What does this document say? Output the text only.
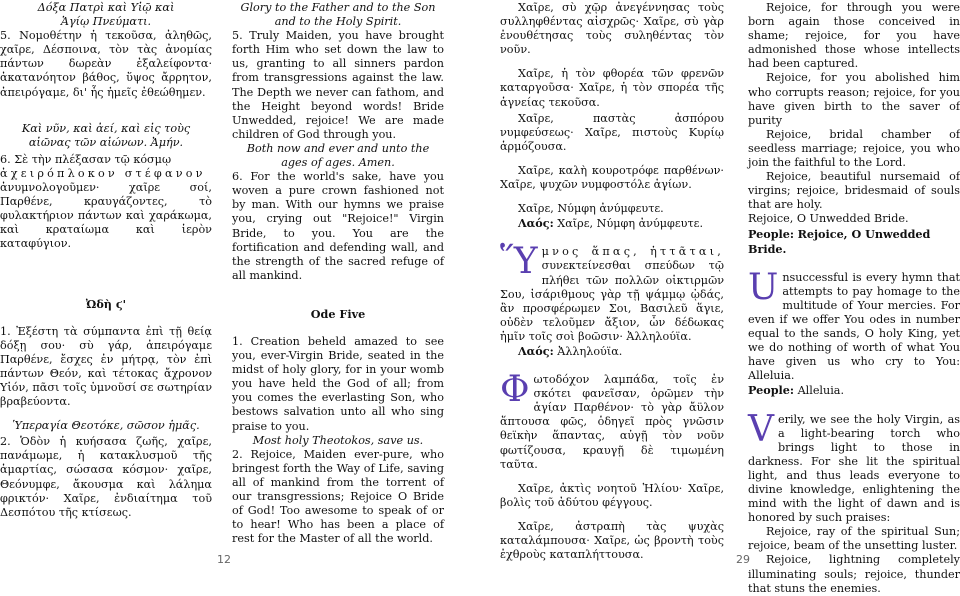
Δόξα Πατρὶ καὶ Υἱῷ καὶ

Ἁγίῳ Πνεύματι.

5. Νομοθέτην ἡ τεκοῦσα, ἀληθῶς, χαῖρε, Δέσποινα, τὸν τὰς ἀνομίας πάντων δωρεὰν ἐξαλείφοντα· ἀκατανόητον βάθος, ὕψος ἄρρητον, ἀπειρόγαμε, δι' ἧς ἡμεῖς ἐθεώθημεν.

Καὶ νῦν, καὶ ἀεί, καὶ εἰς τοὺς

αἰῶνας τῶν αἰώνων. Ἀμήν.

6. Σὲ τὴν πλέξασαν τῷ κόσμῳ
ἀχειρόπλοκον στέφανον
ἀνυμνολογοῦμεν· χαῖρε σοί, Παρθένε, κραυγάζοντες, τὸ φυλακτήριον πάντων καὶ χαράκωμα, καὶ κραταίωμα καὶ ἱερὸν καταφύγιον.

Ὠδὴ ϛ'

1. Ἐξέστη τὰ σύμπαντα ἐπὶ τῇ θείᾳ δόξῃ σου· σὺ γάρ, ἀπειρόγαμε Παρθένε, ἔσχες ἐν μήτρᾳ, τὸν ἐπὶ πάντων Θεόν, καὶ τέτοκας ἄχρονον Υἱόν, πᾶσι τοῖς ὑμνοῦσί σε σωτηρίαν βραβεύοντα.

Ὑπεραγία Θεοτόκε, σῶσον ἡμᾶς.

2. Ὁδὸν ἡ κυήσασα ζωῆς, χαῖρε, πανάμωμε, ἡ κατακλυσμοῦ τῆς ἁμαρτίας, σώσασα κόσμον· χαῖρε, Θεόνυμφε, ἄκουσμα καὶ λάλημα φρικτόν· Χαῖρε, ἐνδιαίτημα τοῦ Δεσπότου τῆς κτίσεως.

Glory to the Father and to the Son

and to the Holy Spirit.

5. Truly Maiden, you have brought forth Him who set down the law to us, granting to all sinners pardon from transgressions against the law. The Depth we never can fathom, and the Height beyond words! Bride Unwedded, rejoice! We are made children of God through you.

Both now and ever and unto the

ages of ages. Amen.

6. For the world's sake, have you woven a pure crown fashioned not by man. With our hymns we praise you, crying out "Rejoice!" Virgin Bride, to you. You are the fortification and defending wall, and the strength of the sacred refuge of all mankind.

Ode Five

1. Creation beheld amazed to see you, ever-Virgin Bride, seated in the midst of holy glory, for in your womb you have held the God of all; from you comes the everlasting Son, who bestows salvation unto all who sing praise to you.

Most holy Theotokos, save us.

2. Rejoice, Maiden ever-pure, who bringest forth the Way of Life, saving all of mankind from the torrent of our transgressions; Rejoice O Bride of God! Too awesome to speak of or to hear! Who has been a place of rest for the Master of all the world.

Χαῖρε, σὺ χῷρ ἀνεγέννησας τοὺς συλληφθέντας αἰσχρῶς· Χαῖρε, σὺ γὰρ ἐνουθέτησας τοὺς συληθέντας τὸν νοῦν.

Χαῖρε, ἡ τὸν φθορέα τῶν φρενῶν καταργοῦσα· Χαῖρε, ἡ τὸν σπορέα τῆς ἁγνείας τεκοῦσα.

Χαῖρε, παστὰς ἀσπόρου νυμφεύσεως· Χαῖρε, πιστοὺς Κυρίῳ ἁρμόζουσα.

Χαῖρε, καλὴ κουροτρόφε παρθένων· Χαῖρε, ψυχῶν νυμφοστόλε ἁγίων.

Χαῖρε, Νύμφη ἀνύμφευτε.

Λαός: Χαῖρε, Νύμφη ἀνύμφευτε.

Ὕ μνος ἅπας, ἡττᾶται, συνεκτείνεσθαι σπεύδων τῷ πλήθει τῶν πολλῶν οἰκτιρμῶν Σου, ἰσάριθμους γὰρ τῇ ψάμμῳ ᾠδάς, ἂν προσφέρωμεν Σοι, Βασιλεῦ ἅγιε, οὐδὲν τελοῦμεν ἄξιον, ὧν δέδωκας ἡμῖν τοῖς σοὶ βοῶσιν· Ἀλληλούϊα.

Λαός: Ἀλληλούϊα.

Φ ωτοδόχον λαμπάδα, τοῖς ἐν σκότει φανεῖσαν, ὁρῶμεν τὴν ἁγίαν Παρθένον· τὸ γὰρ ἄϋλον ἅπτουσα φῶς, ὁδηγεῖ πρὸς γνῶσιν θεϊκὴν ἅπαντας, αὐγῇ τὸν νοῦν φωτίζουσα, κραυγῇ δὲ τιμωμένη ταῦτα.

Χαῖρε, ἀκτὶς νοητοῦ Ἡλίου· Χαῖρε, βολὶς τοῦ ἀδύτου φέγγους.

Χαῖρε, ἀστραπὴ τὰς ψυχὰς καταλάμπουσα· Χαῖρε, ὡς βροντὴ τοὺς ἐχθροὺς καταπλήττουσα.

Rejoice, for through you were born again those conceived in shame; rejoice, for you have admonished those whose intellects had been captured.

Rejoice, for you abolished him who corrupts reason; rejoice, for you have given birth to the saver of purity

Rejoice, bridal chamber of seedless marriage; rejoice, you who join the faithful to the Lord.

Rejoice, beautiful nursemaid of virgins; rejoice, bridesmaid of souls that are holy.

Rejoice, O Unwedded Bride.

People: Rejoice, O Unwedded Bride.

U nsuccessful is every hymn that attempts to pay homage to the multitude of Your mercies. For even if we offer You odes in number equal to the sands, O holy King, yet we do nothing of worth of what You have given us who cry to You: Alleluia.

People: Alleluia.

V erily, we see the holy Virgin, as a light-bearing torch who brings light to those in darkness. For she lit the spiritual light, and thus leads everyone to divine knowledge, enlightening the mind with the light of dawn and is honored by such praises:

Rejoice, ray of the spiritual Sun; rejoice, beam of the unsetting luster.

Rejoice, lightning completely illuminating souls; rejoice, thunder that stuns the enemies.

12	29
